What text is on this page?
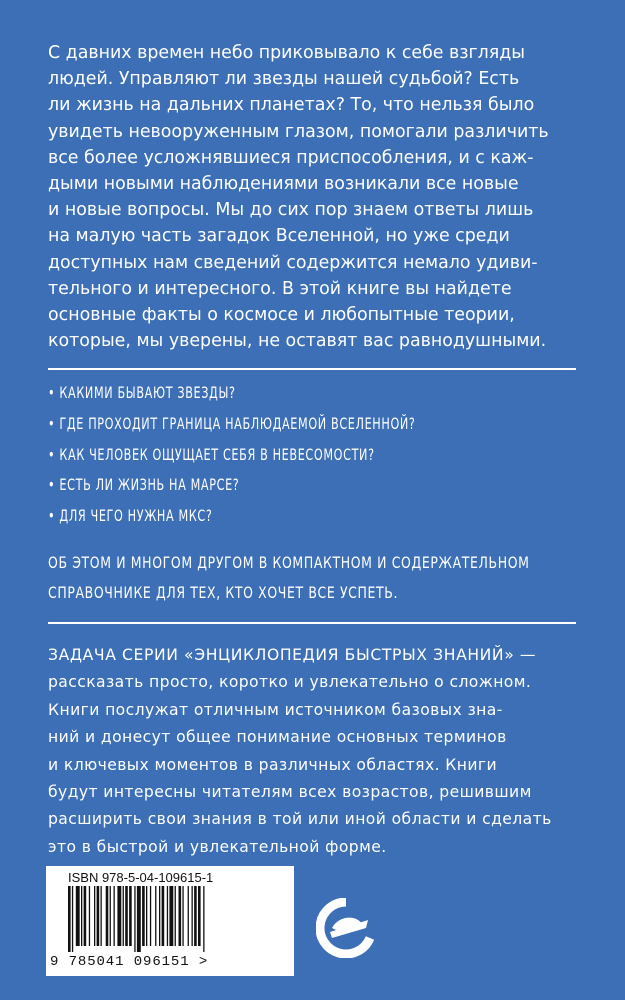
С давних времен небо приковывало к себе взгляды
людей. Управляют ли звезды нашей судьбой? Есть
ли жизнь на дальних планетах? То, что нельзя было
увидеть невооруженным глазом, помогали различить
все более усложнявшиеся приспособления, и с каж-
дыми новыми наблюдениями возникали все новые
и новые вопросы. Мы до сих пор знаем ответы лишь
на малую часть загадок Вселенной, но уже среди
доступных нам сведений содержится немало удиви-
тельного и интересного. В этой книге вы найдете
основные факты о космосе и любопытные теории,
которые, мы уверены, не оставят вас равнодушными.
• КАКИМИ БЫВАЮТ ЗВЕЗДЫ?
• ГДЕ ПРОХОДИТ ГРАНИЦА НАБЛЮДАЕМОЙ ВСЕЛЕННОЙ?
• КАК ЧЕЛОВЕК ОЩУЩАЕТ СЕБЯ В НЕВЕСОМОСТИ?
• ЕСТЬ ЛИ ЖИЗНЬ НА МАРСЕ?
• ДЛЯ ЧЕГО НУЖНА МКС?
ОБ ЭТОМ И МНОГОМ ДРУГОМ В КОМПАКТНОМ И СОДЕРЖАТЕЛЬНОМ
СПРАВОЧНИКЕ ДЛЯ ТЕХ, КТО ХОЧЕТ ВСЕ УСПЕТЬ.
ЗАДАЧА СЕРИИ «ЭНЦИКЛОПЕДИЯ БЫСТРЫХ ЗНАНИЙ» —
рассказать просто, коротко и увлекательно о сложном.
Книги послужат отличным источником базовых зна-
ний и донесут общее понимание основных терминов
и ключевых моментов в различных областях. Книги
будут интересны читателям всех возрастов, решившим
расширить свои знания в той или иной области и сделать
это в быстрой и увлекательной форме.
ISBN 978-5-04-109615-1
9 785041 096151 >
